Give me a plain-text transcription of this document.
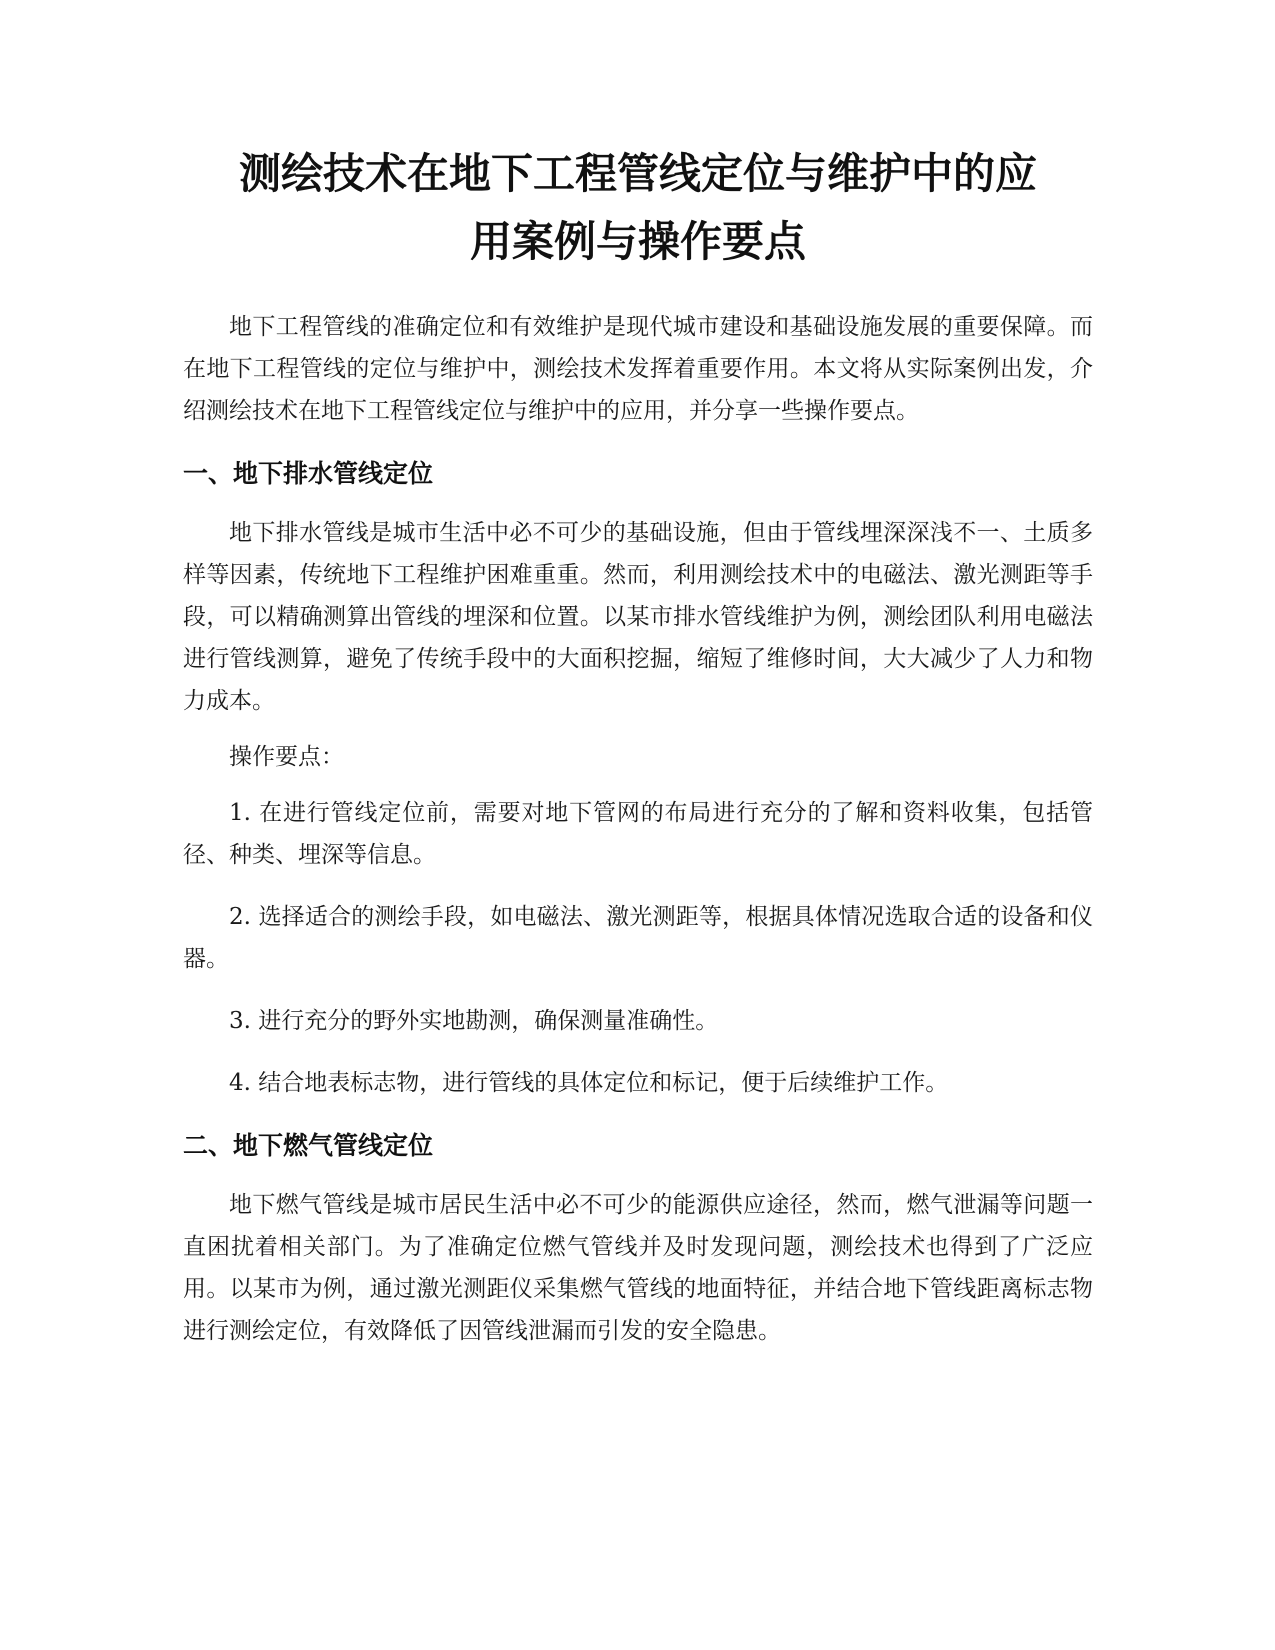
测绘技术在地下工程管线定位与维护中的应
用案例与操作要点

地下工程管线的准确定位和有效维护是现代城市建设和基础设施发展的重要保障。而在地下工程管线的定位与维护中，测绘技术发挥着重要作用。本文将从实际案例出发，介绍测绘技术在地下工程管线定位与维护中的应用，并分享一些操作要点。

一、地下排水管线定位

地下排水管线是城市生活中必不可少的基础设施，但由于管线埋深深浅不一、土质多样等因素，传统地下工程维护困难重重。然而，利用测绘技术中的电磁法、激光测距等手段，可以精确测算出管线的埋深和位置。以某市排水管线维护为例，测绘团队利用电磁法进行管线测算，避免了传统手段中的大面积挖掘，缩短了维修时间，大大减少了人力和物力成本。

操作要点：

1. 在进行管线定位前，需要对地下管网的布局进行充分的了解和资料收集，包括管径、种类、埋深等信息。

2. 选择适合的测绘手段，如电磁法、激光测距等，根据具体情况选取合适的设备和仪器。

3. 进行充分的野外实地勘测，确保测量准确性。

4. 结合地表标志物，进行管线的具体定位和标记，便于后续维护工作。

二、地下燃气管线定位

地下燃气管线是城市居民生活中必不可少的能源供应途径，然而，燃气泄漏等问题一直困扰着相关部门。为了准确定位燃气管线并及时发现问题，测绘技术也得到了广泛应用。以某市为例，通过激光测距仪采集燃气管线的地面特征，并结合地下管线距离标志物进行测绘定位，有效降低了因管线泄漏而引发的安全隐患。
